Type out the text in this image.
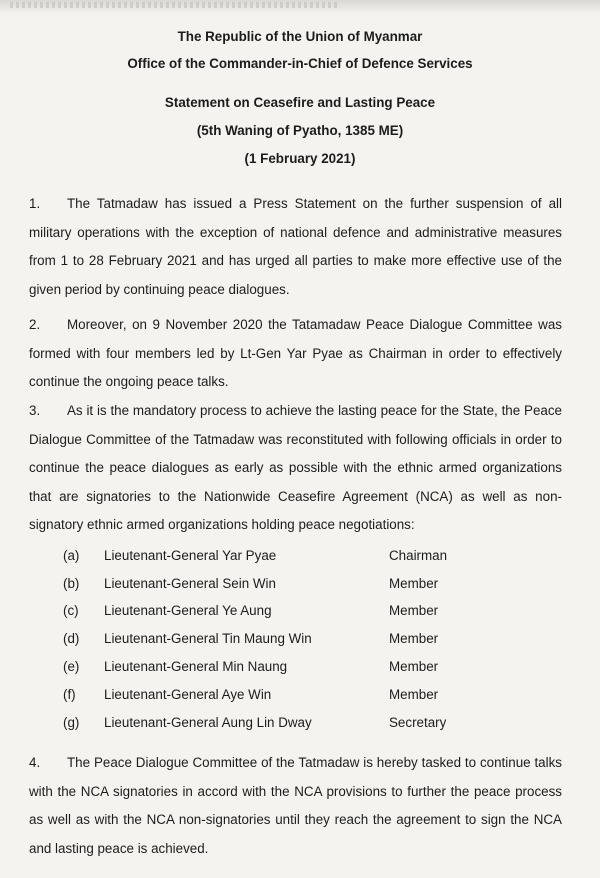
The Republic of the Union of Myanmar
Office of the Commander-in-Chief of Defence Services
Statement on Ceasefire and Lasting Peace
(5th Waning of Pyatho, 1385 ME)
(1 February 2021)
1. The Tatmadaw has issued a Press Statement on the further suspension of all military operations with the exception of national defence and administrative measures from 1 to 28 February 2021 and has urged all parties to make more effective use of the given period by continuing peace dialogues.
2. Moreover, on 9 November 2020 the Tatamadaw Peace Dialogue Committee was formed with four members led by Lt-Gen Yar Pyae as Chairman in order to effectively continue the ongoing peace talks.
3. As it is the mandatory process to achieve the lasting peace for the State, the Peace Dialogue Committee of the Tatmadaw was reconstituted with following officials in order to continue the peace dialogues as early as possible with the ethnic armed organizations that are signatories to the Nationwide Ceasefire Agreement (NCA) as well as non-signatory ethnic armed organizations holding peace negotiations:
(a) Lieutenant-General Yar Pyae	Chairman
(b) Lieutenant-General Sein Win	Member
(c) Lieutenant-General Ye Aung	Member
(d) Lieutenant-General Tin Maung Win	Member
(e) Lieutenant-General Min Naung	Member
(f) Lieutenant-General Aye Win	Member
(g) Lieutenant-General Aung Lin Dway	Secretary
4. The Peace Dialogue Committee of the Tatmadaw is hereby tasked to continue talks with the NCA signatories in accord with the NCA provisions to further the peace process as well as with the NCA non-signatories until they reach the agreement to sign the NCA and lasting peace is achieved.
